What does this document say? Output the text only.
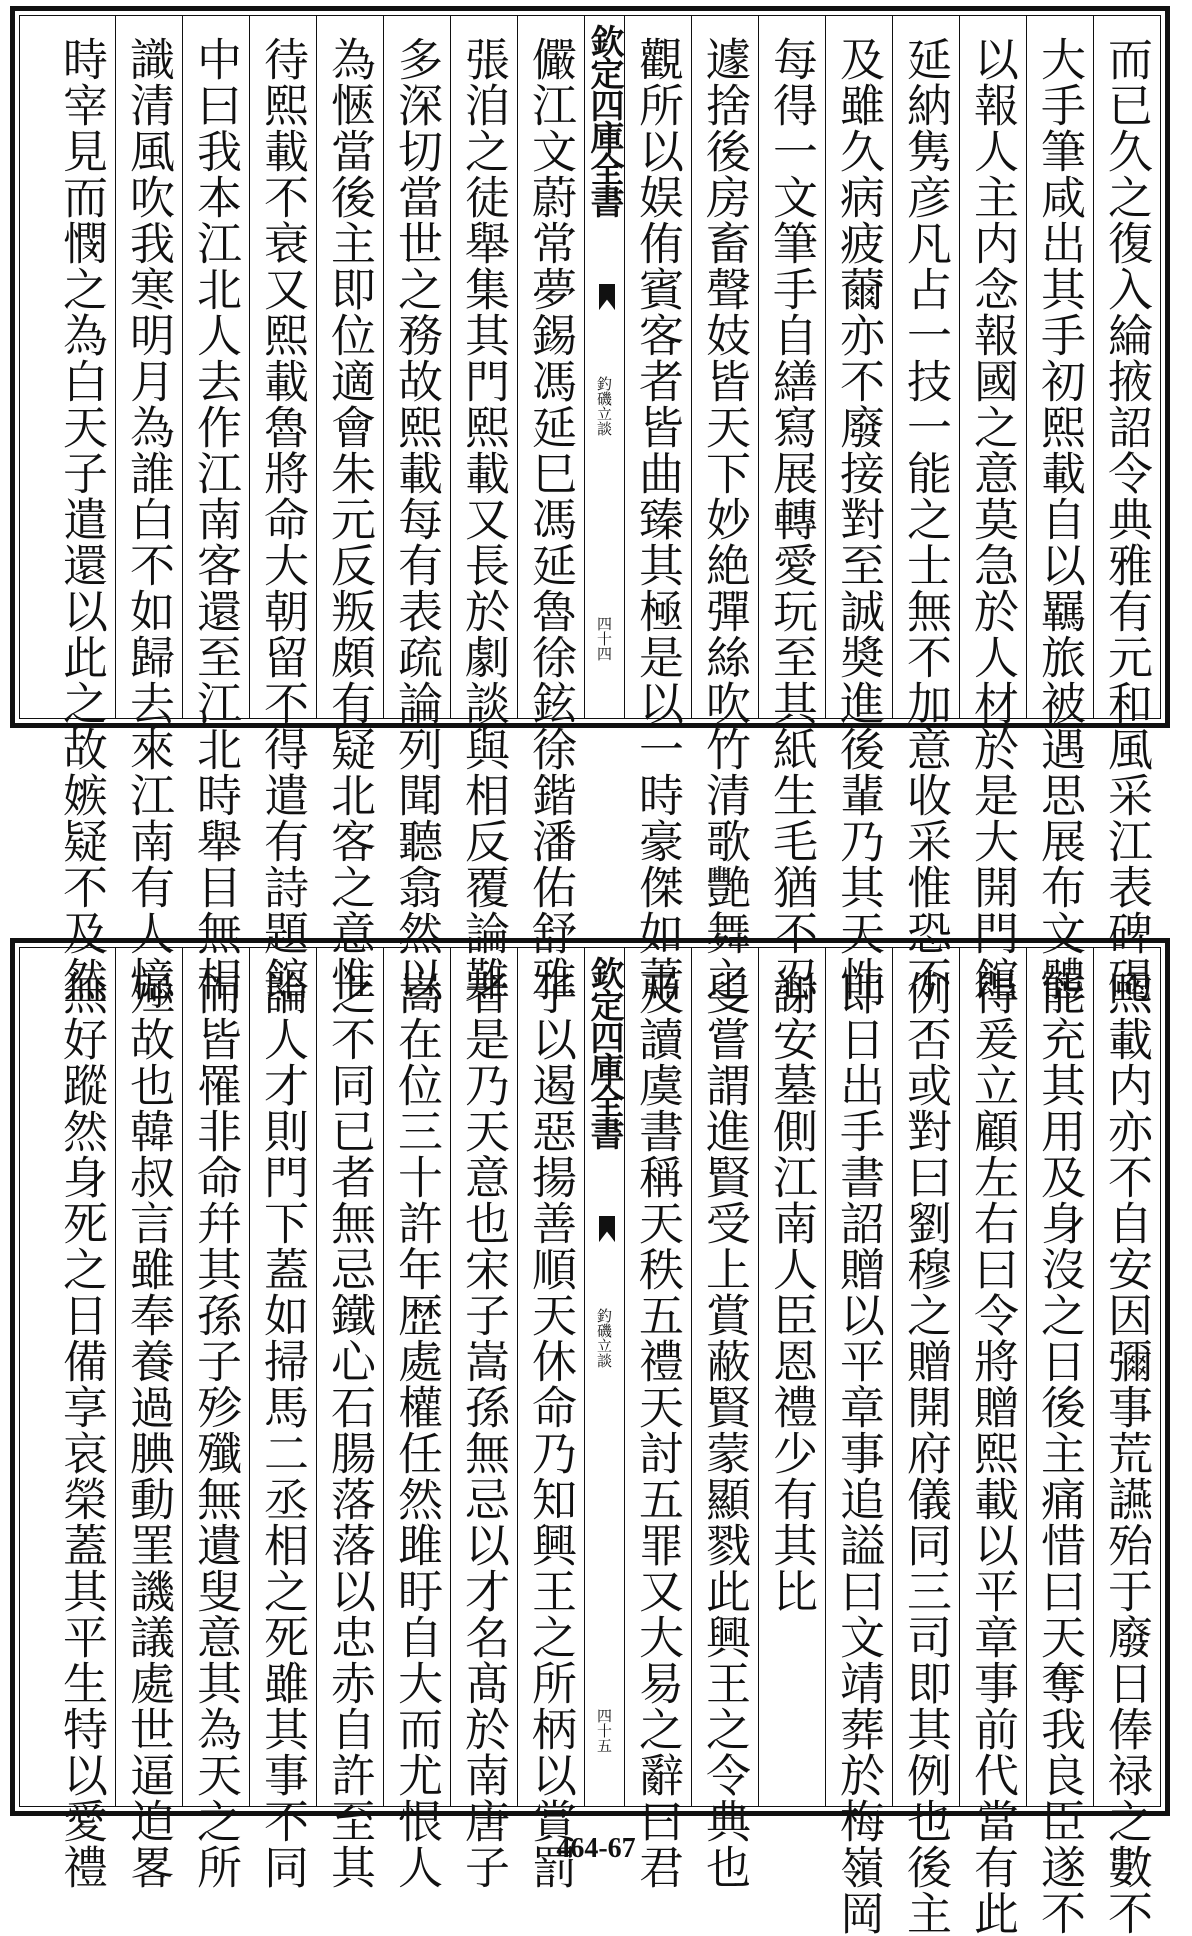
而已久之復入綸掖詔令典雅有元和風采江表碑碣
大手筆咸出其手初熙載自以羈旅被遇思展布文體
以報人主内念報國之意莫急於人材於是大開門館
延納隽彦凡占一技一能之士無不加意收采惟恐不
及雖久病疲薾亦不廢接對至誠奬進後輩乃其天性
每得一文筆手自繕寫展轉愛玩至其紙生毛猶不忍
遽捨後房畜聲妓皆天下妙絶彈絲吹竹清歌艷舞之
觀所以娱侑賓客者皆曲臻其極是以一時豪傑如蕭
欽定四庫全書
釣磯立談
四十四
儼江文蔚常夢錫馮延巳馮延魯徐鉉徐鍇潘佑舒雅
張洎之徒舉集其門熙載又長於劇談與相反覆論難
多深切當世之務故熙載每有表疏論列聞聽翕然以
為愜當後主即位適會朱元反叛頗有疑北客之意惟
待熙載不衰又熙載魯將命大朝留不得遣有詩題館
中曰我本江北人去作江南客還至江北時舉目無相
識清風吹我寒明月為誰白不如歸去來江南有人憶
時宰見而憫之為白天子遣還以此之故嫉疑不及然
熙載内亦不自安因彌事荒讌殆于廢日俸禄之數不
能充其用及身沒之日後主痛惜曰天奪我良臣遂不
得爰立顧左右曰令將贈熙載以平章事前代當有此
例否或對曰劉穆之贈開府儀同三司即其例也後主
即日出手書詔贈以平章事追謚曰文靖葬於梅嶺岡
謝安墓側江南人臣恩禮少有其比
叟嘗謂進賢受上賞蔽賢蒙顯戮此興王之令典也
及讀虞書稱天秩五禮天討五罪又大易之辭曰君
欽定四庫全書
釣磯立談
四十五
子以遏惡揚善順天休命乃知興王之所柄以賞罰
者是乃天意也宋子嵩孫無忌以才名髙於南唐子
嵩在位三十許年歴處權任然雎盱自大而尤恨人
之不同已者無忌鐵心石腸落落以忠赤自許至其
論人才則門下蓋如掃馬二丞相之死雖其事不同
而皆罹非命幷其孫子殄殲無遺叟意其為天之所
殛故也韓叔言雖奉養過腆動罣譏議處世逼迫畧
無好蹤然身死之日備享哀榮蓋其平生特以愛禮	464-67
